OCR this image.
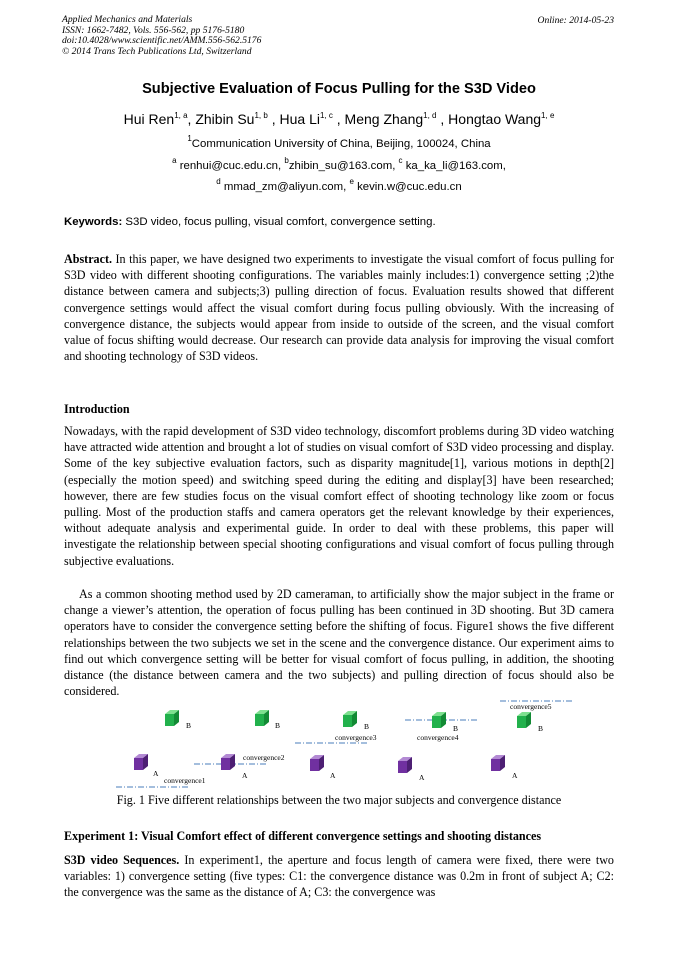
Applied Mechanics and Materials
ISSN: 1662-7482, Vols. 556-562, pp 5176-5180
doi:10.4028/www.scientific.net/AMM.556-562.5176
© 2014 Trans Tech Publications Ltd, Switzerland
Online: 2014-05-23
Subjective Evaluation of Focus Pulling for the S3D Video
Hui Ren$^{1, a}$, Zhibin Su$^{1, b}$ , Hua Li$^{1, c}$ , Meng Zhang$^{1, d}$ , Hongtao Wang$^{1, e}$
$^1$Communication University of China, Beijing, 100024, China
$^a$ renhui@cuc.edu.cn, $^b$zhibin_su@163.com, $^c$ ka_ka_li@163.com,
$^d$ mmad_zm@aliyun.com, $^e$ kevin.w@cuc.edu.cn
Keywords: S3D video, focus pulling, visual comfort, convergence setting.

Abstract. In this paper, we have designed two experiments to investigate the visual comfort of focus pulling for S3D video with different shooting configurations. The variables mainly includes:1) convergence setting ;2)the distance between camera and subjects;3) pulling direction of focus. Evaluation results showed that different convergence settings would affect the visual comfort during focus pulling obviously. With the increasing of convergence distance, the subjects would appear from inside to outside of the screen, and the visual comfort value of focus shifting would decrease. Our research can provide data analysis for improving the visual comfort and shooting technology of S3D videos.

Introduction

Nowadays, with the rapid development of S3D video technology, discomfort problems during 3D video watching have attracted wide attention and brought a lot of studies on visual comfort of S3D video processing and display. Some of the key subjective evaluation factors, such as disparity magnitude[1], various motions in depth[2] (especially the motion speed) and switching speed during the editing and display[3] have been researched; however, there are few studies focus on the visual comfort effect of shooting technology like zoom or focus pulling. Most of the production staffs and camera operators get the relevant knowledge by their experiences, without adequate analysis and experimental guide. In order to deal with these problems, this paper will investigate the relationship between special shooting configurations and visual comfort of focus pulling through subjective evaluations.

As a common shooting method used by 2D cameraman, to artificially show the major subject in the frame or change a viewer’s attention, the operation of focus pulling has been continued in 3D shooting. But 3D camera operators have to consider the convergence setting before the shifting of focus. Figure1 shows the five different relationships between the two subjects we set in the scene and the convergence distance. Our experiment aims to find out which convergence setting will be better for visual comfort of focus pulling, in addition, the shooting distance (the distance between camera and the two subjects) and pulling direction of focus should also be considered.

B	B	B	B	B
A	A	A	A	A
convergence1
convergence2
convergence3	convergence4
convergence5
Fig. 1 Five different relationships between the two major subjects and convergence distance
Experiment 1: Visual Comfort effect of different convergence settings and shooting distances

S3D video Sequences. In experiment1, the aperture and focus length of camera were fixed, there were two variables: 1) convergence setting (five types: C1: the convergence distance was 0.2m in front of subject A; C2: the convergence was the same as the distance of A; C3: the convergence was
